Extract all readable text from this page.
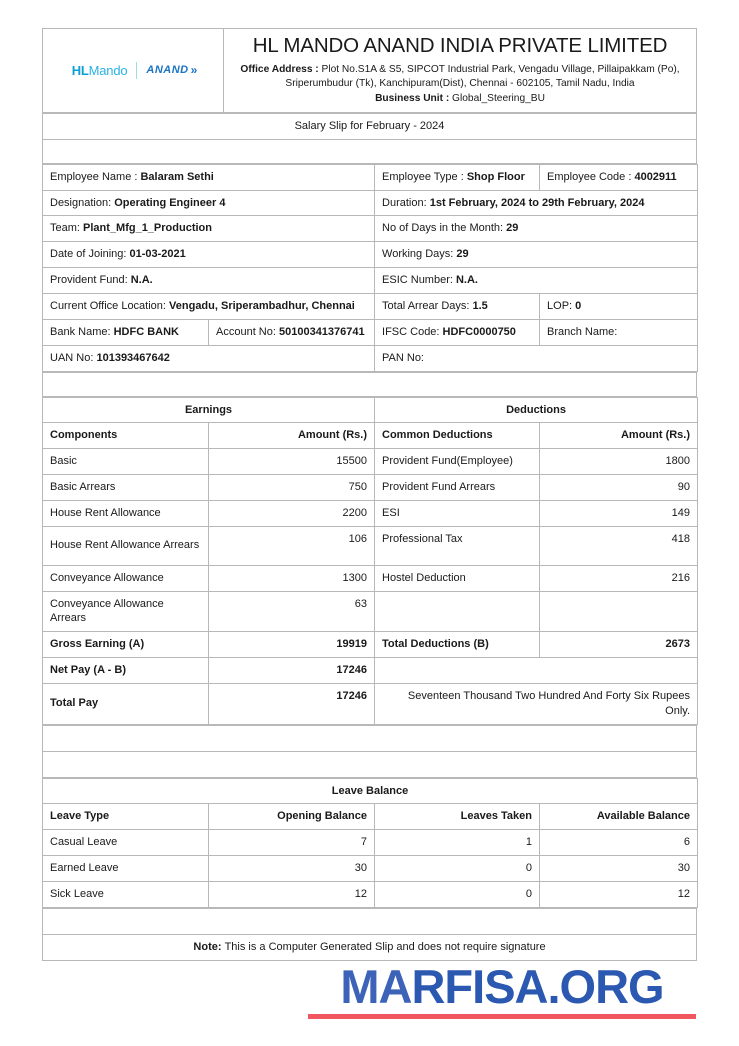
HLMando ANAND »

HL MANDO ANAND INDIA PRIVATE LIMITED
Office Address : Plot No.S1A & S5, SIPCOT Industrial Park, Vengadu Village, Pillaipakkam (Po),
Sriperumbudur (Tk), Kanchipuram(Dist), Chennai - 602105, Tamil Nadu, India
Business Unit : Global_Steering_BU
Salary Slip for February - 2024

Employee Name : Balaram Sethi		Employee Type : Shop Floor	Employee Code : 4002911
Designation: Operating Engineer 4		Duration: 1st February, 2024 to 29th February, 2024	
Team: Plant_Mfg_1_Production		No of Days in the Month: 29	
Date of Joining: 01-03-2021		Working Days: 29	
Provident Fund: N.A.		ESIC Number: N.A.	
Current Office Location: Vengadu, Sriperambadhur, Chennai		Total Arrear Days: 1.5	LOP: 0
Bank Name: HDFC BANK	Account No: 50100341376741	IFSC Code: HDFC0000750	Branch Name:
UAN No: 101393467642		PAN No:	
Earnings		Deductions	
Components	Amount (Rs.)	Common Deductions	Amount (Rs.)
Basic	15500	Provident Fund(Employee)	1800
Basic Arrears	750	Provident Fund Arrears	90
House Rent Allowance	2200	ESI	149
House Rent Allowance Arrears	106	Professional Tax	418
Conveyance Allowance	1300	Hostel Deduction	216
Conveyance Allowance Arrears	63		
Gross Earning (A)	19919	Total Deductions (B)	2673
Net Pay (A - B)	17246		
Total Pay	17246	Seventeen Thousand Two Hundred And Forty Six Rupees Only.	

Leave Balance			
Leave Type	Opening Balance	Leaves Taken	Available Balance
Casual Leave	7	1	6
Earned Leave	30	0	30
Sick Leave	12	0	12

Note: This is a Computer Generated Slip and does not require signature
MARFISA.ORG
